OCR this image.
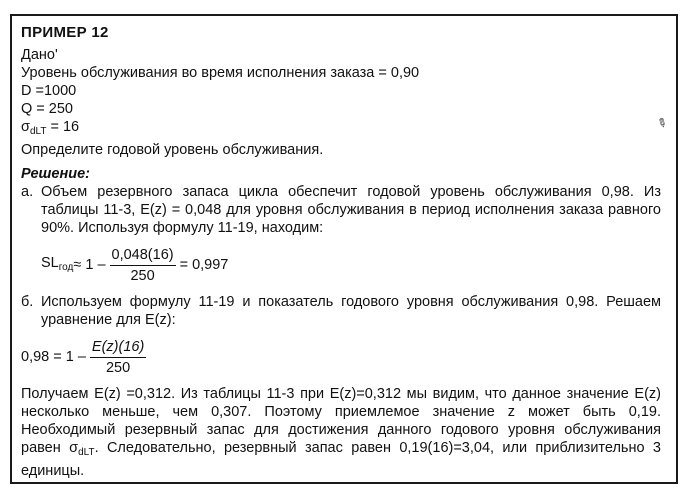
ПРИМЕР 12
Дано'
Уровень обслуживания во время исполнения заказа = 0,90
D =1000
Q = 250
$\sigma_{dLT} = 16$
Определите годовой уровень обслуживания.
Решение:
а. Объем резервного запаса цикла обеспечит годовой уровень обслуживания 0,98. Из таблицы 11-3, E(z) = 0,048 для уровня обслуживания в период исполнения заказа равного 90%. Используя формулу 11-19, находим:
$SL_{год} \approx 1 - \frac{0,048(16)}{250} = 0,997$
б. Используем формулу 11-19 и показатель годового уровня обслуживания 0,98. Решаем уравнение для E(z):
$0,98 = 1 - \frac{E(z)(16)}{250}$
Получаем E(z) =0,312. Из таблицы 11-3 при E(z)=0,312 мы видим, что данное значение E(z) несколько меньше, чем 0,307. Поэтому приемлемое значение z может быть 0,19. Необходимый резервный запас для достижения данного годового уровня обслуживания равен $\sigma_{dLT}$. Следовательно, резервный запас равен 0,19(16)=3,04, или приблизительно 3 единицы.
✎
